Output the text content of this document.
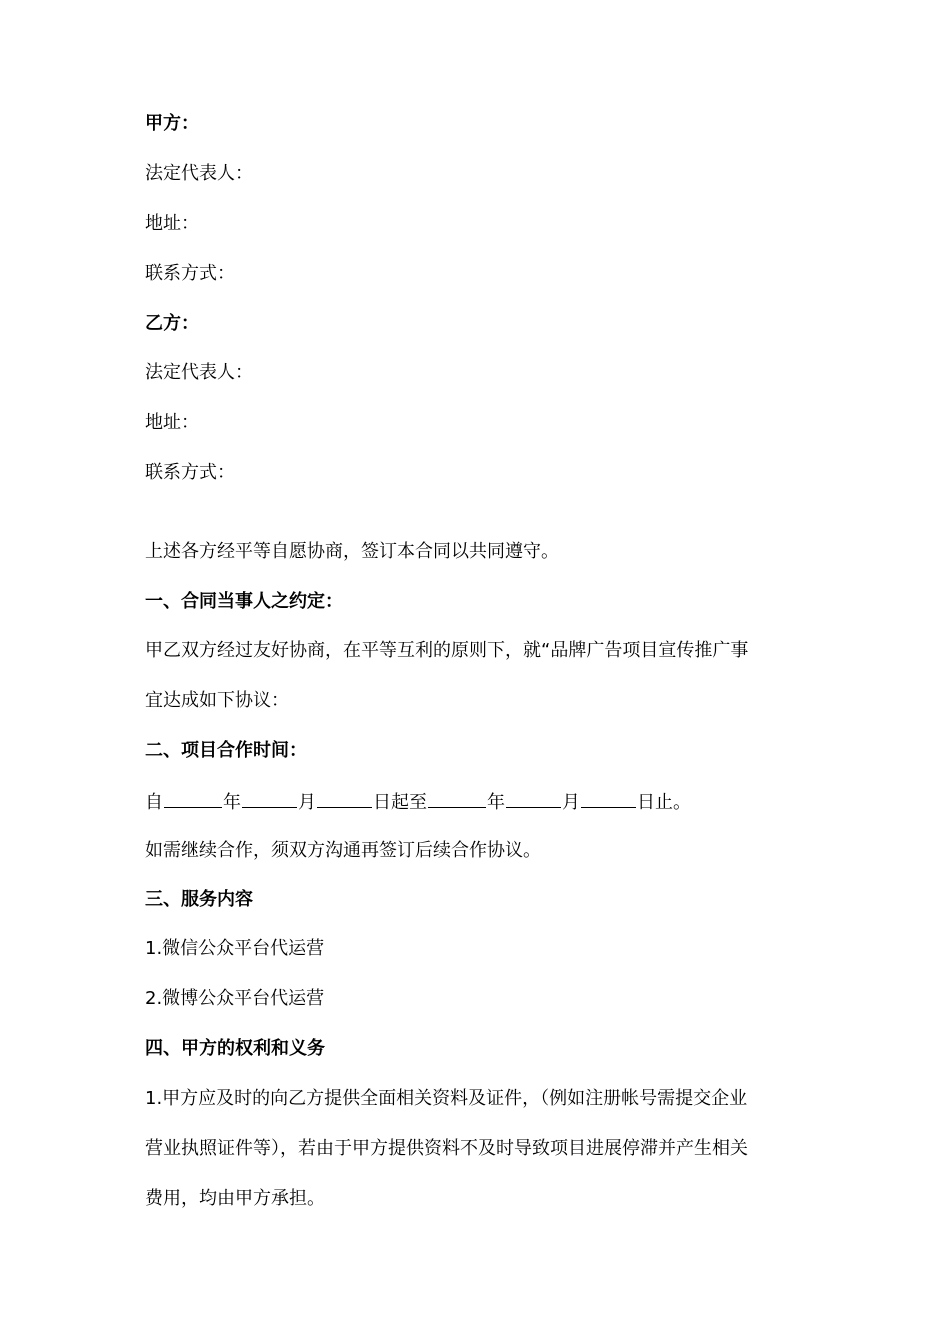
甲方：
法定代表人：
地址：
联系方式：
乙方：
法定代表人：
地址：
联系方式：
上述各方经平等自愿协商，签订本合同以共同遵守。
一、合同当事人之约定：
甲乙双方经过友好协商，在平等互利的原则下，就“品牌广告项目宣传推广事
宜达成如下协议：
二、项目合作时间：
自	年	月	日起至	年	月	日止。
如需继续合作，须双方沟通再签订后续合作协议。
三、服务内容
1.微信公众平台代运营
2.微博公众平台代运营
四、甲方的权利和义务
1.甲方应及时的向乙方提供全面相关资料及证件，（例如注册帐号需提交企业
营业执照证件等），若由于甲方提供资料不及时导致项目进展停滞并产生相关
费用，均由甲方承担。
